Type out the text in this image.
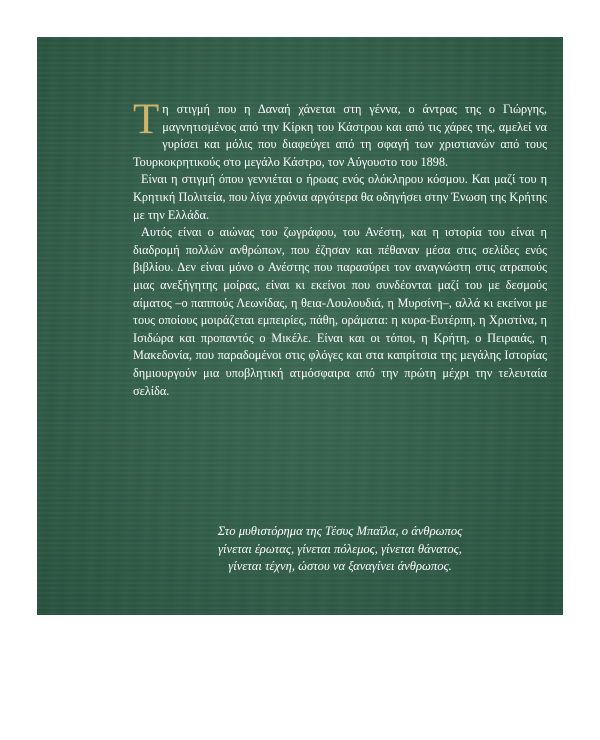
Τη στιγμή που η Δαναή χάνεται στη γέννα, ο άντρας της ο Γιώργης, μαγνητισμένος από την Κίρκη του Κάστρου και από τις χάρες της, αμελεί να γυρίσει και μόλις που διαφεύγει από τη σφαγή των χριστιανών από τους Τουρκοκρητικούς στο μεγάλο Κάστρο, τον Αύγουστο του 1898.

Είναι η στιγμή όπου γεννιέται ο ήρωας ενός ολόκληρου κόσμου. Και μαζί του η Κρητική Πολιτεία, που λίγα χρόνια αργότερα θα οδηγήσει στην Ένωση της Κρήτης με την Ελλάδα.

Αυτός είναι ο αιώνας του ζωγράφου, του Ανέστη, και η ιστορία του είναι η διαδρομή πολλών ανθρώπων, που έζησαν και πέθαναν μέσα στις σελίδες ενός βιβλίου. Δεν είναι μόνο ο Ανέστης που παρασύρει τον αναγνώστη στις ατραπούς μιας ανεξήγητης μοίρας, είναι κι εκείνοι που συνδέονται μαζί του με δεσμούς αίματος –ο παππούς Λεωνίδας, η θεια-Λουλουδιά, η Μυρσίνη–, αλλά κι εκείνοι με τους οποίους μοιράζεται εμπειρίες, πάθη, οράματα: η κυρα-Ευτέρπη, η Χριστίνα, η Ισιδώρα και προπαντός ο Μικέλε. Είναι και οι τόποι, η Κρήτη, ο Πειραιάς, η Μακεδονία, που παραδομένοι στις φλόγες και στα καπρίτσια της μεγάλης Ιστορίας δημιουργούν μια υποβλητική ατμόσφαιρα από την πρώτη μέχρι την τελευταία σελίδα.

Στο μυθιστόρημα της Τέσυς Μπαϊλα, ο άνθρωπος
γίνεται έρωτας, γίνεται πόλεμος, γίνεται θάνατος,
γίνεται τέχνη, ώστου να ξαναγίνει άνθρωπος.
